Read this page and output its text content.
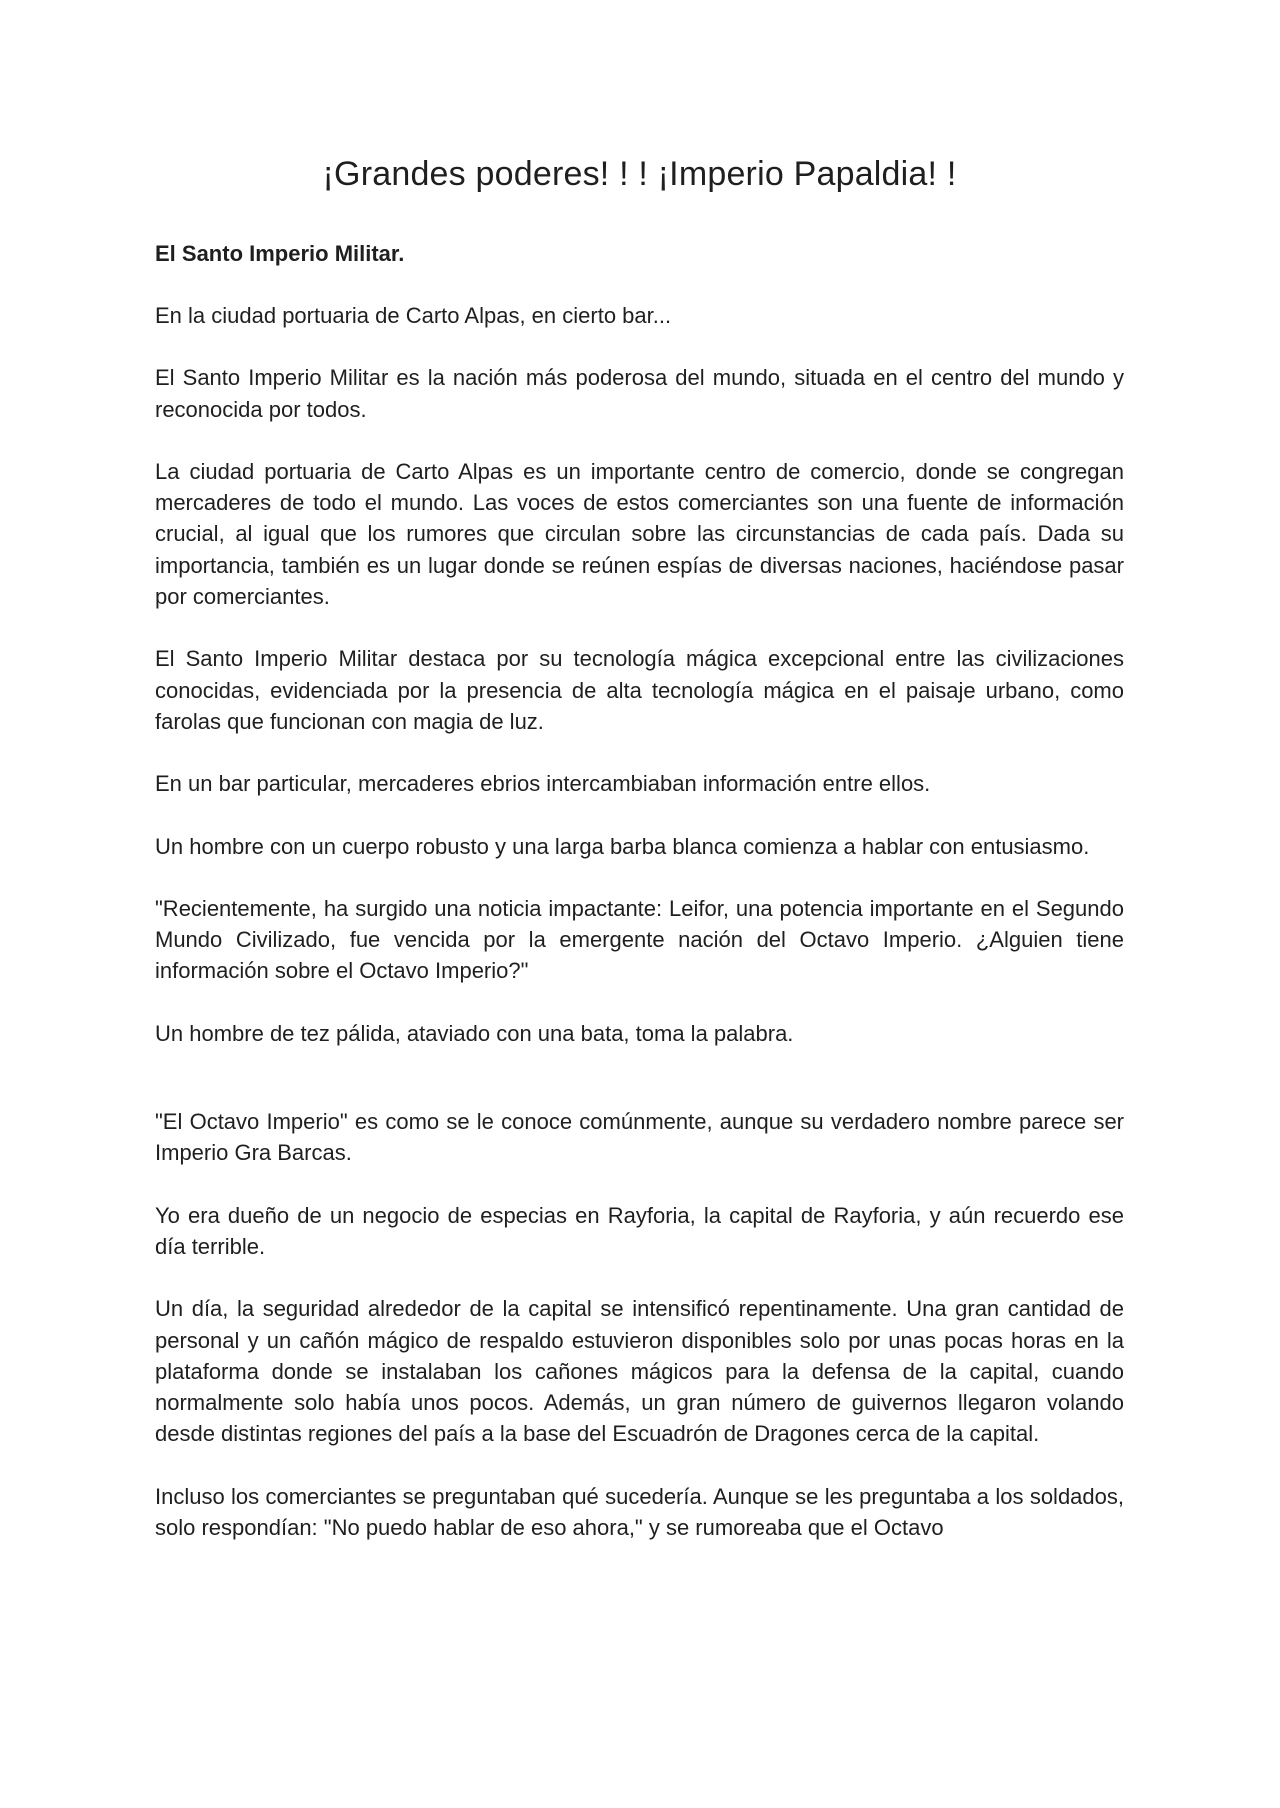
¡Grandes poderes! ! ! ¡Imperio Papaldia! !
El Santo Imperio Militar.

En la ciudad portuaria de Carto Alpas, en cierto bar...

El Santo Imperio Militar es la nación más poderosa del mundo, situada en el centro del mundo y reconocida por todos.

La ciudad portuaria de Carto Alpas es un importante centro de comercio, donde se congregan mercaderes de todo el mundo. Las voces de estos comerciantes son una fuente de información crucial, al igual que los rumores que circulan sobre las circunstancias de cada país. Dada su importancia, también es un lugar donde se reúnen espías de diversas naciones, haciéndose pasar por comerciantes.

El Santo Imperio Militar destaca por su tecnología mágica excepcional entre las civilizaciones conocidas, evidenciada por la presencia de alta tecnología mágica en el paisaje urbano, como farolas que funcionan con magia de luz.

En un bar particular, mercaderes ebrios intercambiaban información entre ellos.

Un hombre con un cuerpo robusto y una larga barba blanca comienza a hablar con entusiasmo.

"Recientemente, ha surgido una noticia impactante: Leifor, una potencia importante en el Segundo Mundo Civilizado, fue vencida por la emergente nación del Octavo Imperio. ¿Alguien tiene información sobre el Octavo Imperio?"

Un hombre de tez pálida, ataviado con una bata, toma la palabra.

"El Octavo Imperio" es como se le conoce comúnmente, aunque su verdadero nombre parece ser Imperio Gra Barcas.

Yo era dueño de un negocio de especias en Rayforia, la capital de Rayforia, y aún recuerdo ese día terrible.

Un día, la seguridad alrededor de la capital se intensificó repentinamente. Una gran cantidad de personal y un cañón mágico de respaldo estuvieron disponibles solo por unas pocas horas en la plataforma donde se instalaban los cañones mágicos para la defensa de la capital, cuando normalmente solo había unos pocos. Además, un gran número de guivernos llegaron volando desde distintas regiones del país a la base del Escuadrón de Dragones cerca de la capital.

Incluso los comerciantes se preguntaban qué sucedería. Aunque se les preguntaba a los soldados, solo respondían: "No puedo hablar de eso ahora," y se rumoreaba que el Octavo
